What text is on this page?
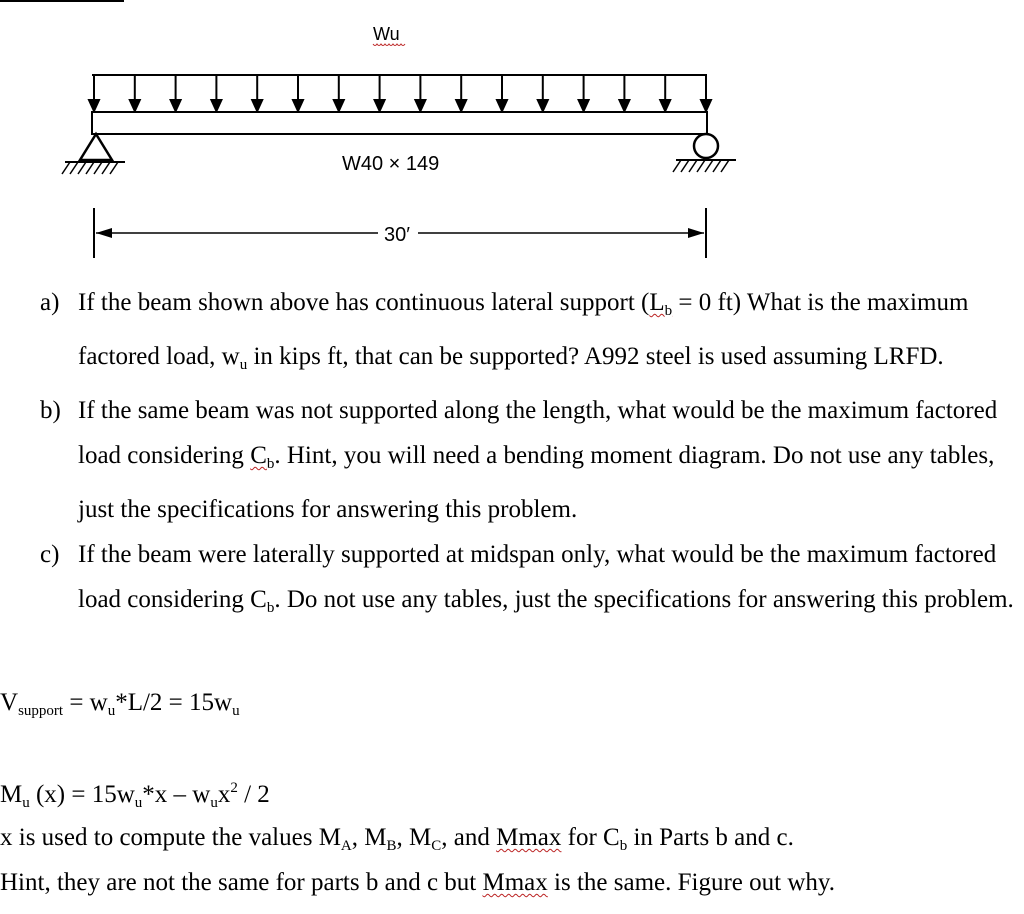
Wu
W40 × 149
30′
a) If the beam shown above has continuous lateral support ($L_b = 0$ ft) What is the maximum factored load, $w_u$ in kips ft, that can be supported? A992 steel is used assuming LRFD.
b) If the same beam was not supported along the length, what would be the maximum factored load considering $C_b$. Hint, you will need a bending moment diagram. Do not use any tables, just the specifications for answering this problem.
c) If the beam were laterally supported at midspan only, what would be the maximum factored load considering $C_b$. Do not use any tables, just the specifications for answering this problem.
$V_{support} = w_u*L/2 = 15w_u$
$M_u$ $(x) = 15w_u*x - w_ux^2 / 2$
x is used to compute the values $M_A$, $M_B$, $M_C$, and Mmax for $C_b$ in Parts b and c.
Hint, they are not the same for parts b and c but Mmax is the same. Figure out why.
